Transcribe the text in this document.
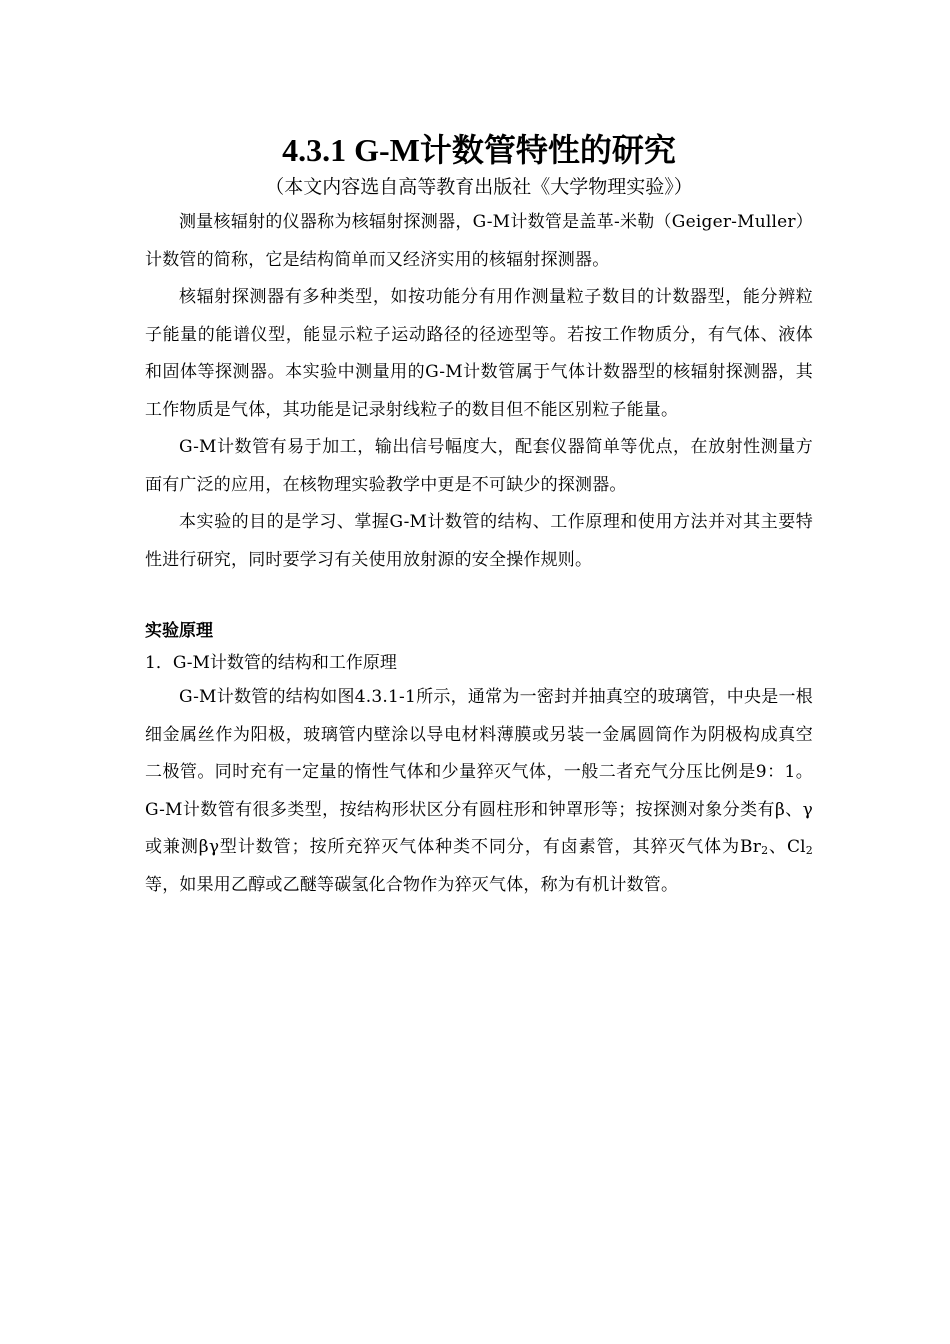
4.3.1 G-M计数管特性的研究

（本文内容选自高等教育出版社《大学物理实验》）

测量核辐射的仪器称为核辐射探测器，G-M计数管是盖革-米勒（Geiger-Muller）计数管的简称，它是结构简单而又经济实用的核辐射探测器。

核辐射探测器有多种类型，如按功能分有用作测量粒子数目的计数器型，能分辨粒子能量的能谱仪型，能显示粒子运动路径的径迹型等。若按工作物质分，有气体、液体和固体等探测器。本实验中测量用的G-M计数管属于气体计数器型的核辐射探测器，其工作物质是气体，其功能是记录射线粒子的数目但不能区别粒子能量。

G-M计数管有易于加工，输出信号幅度大，配套仪器简单等优点，在放射性测量方面有广泛的应用，在核物理实验教学中更是不可缺少的探测器。

本实验的目的是学习、掌握G-M计数管的结构、工作原理和使用方法并对其主要特性进行研究，同时要学习有关使用放射源的安全操作规则。

实验原理
1．G-M计数管的结构和工作原理

G-M计数管的结构如图4.3.1-1所示，通常为一密封并抽真空的玻璃管，中央是一根细金属丝作为阳极，玻璃管内壁涂以导电材料薄膜或另装一金属圆筒作为阴极构成真空二极管。同时充有一定量的惰性气体和少量猝灭气体，一般二者充气分压比例是9：1。G-M计数管有很多类型，按结构形状区分有圆柱形和钟罩形等；按探测对象分类有β、γ或兼测βγ型计数管；按所充猝灭气体种类不同分，有卤素管，其猝灭气体为$Br_2$、$Cl_2$等，如果用乙醇或乙醚等碳氢化合物作为猝灭气体，称为有机计数管。
